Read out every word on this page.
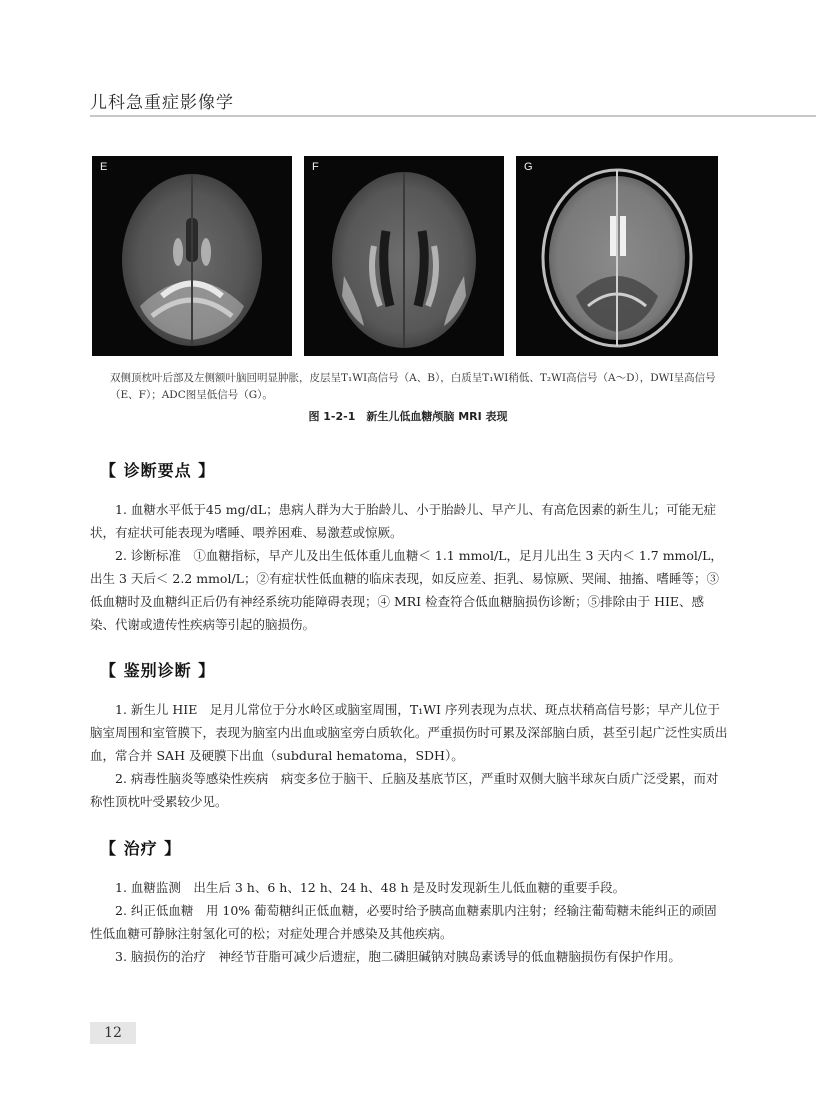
儿科急重症影像学
E	F	G
双侧顶枕叶后部及左侧额叶脑回明显肿胀，皮层呈T₁WI高信号（A、B），白质呈T₁WI稍低、T₂WI高信号（A～D），DWI呈高信号（E、F）；ADC图呈低信号（G）。
图 1-2-1　新生儿低血糖颅脑 MRI 表现
【 诊断要点 】

1. 血糖水平低于45 mg/dL；患病人群为大于胎龄儿、小于胎龄儿、早产儿、有高危因素的新生儿；可能无症状，有症状可能表现为嗜睡、喂养困难、易激惹或惊厥。

2. 诊断标准　①血糖指标，早产儿及出生低体重儿血糖＜ 1.1 mmol/L，足月儿出生 3 天内＜ 1.7 mmol/L，出生 3 天后＜ 2.2 mmol/L；②有症状性低血糖的临床表现，如反应差、拒乳、易惊厥、哭闹、抽搐、嗜睡等；③低血糖时及血糖纠正后仍有神经系统功能障碍表现；④ MRI 检查符合低血糖脑损伤诊断；⑤排除由于 HIE、感染、代谢或遗传性疾病等引起的脑损伤。

【 鉴别诊断 】

1. 新生儿 HIE　足月儿常位于分水岭区或脑室周围，T₁WI 序列表现为点状、斑点状稍高信号影；早产儿位于脑室周围和室管膜下，表现为脑室内出血或脑室旁白质软化。严重损伤时可累及深部脑白质，甚至引起广泛性实质出血，常合并 SAH 及硬膜下出血（subdural hematoma，SDH）。

2. 病毒性脑炎等感染性疾病　病变多位于脑干、丘脑及基底节区，严重时双侧大脑半球灰白质广泛受累，而对称性顶枕叶受累较少见。

【 治疗 】

1. 血糖监测　出生后 3 h、6 h、12 h、24 h、48 h 是及时发现新生儿低血糖的重要手段。

2. 纠正低血糖　用 10% 葡萄糖纠正低血糖，必要时给予胰高血糖素肌内注射；经输注葡萄糖未能纠正的顽固性低血糖可静脉注射氢化可的松；对症处理合并感染及其他疾病。

3. 脑损伤的治疗　神经节苷脂可减少后遗症，胞二磷胆碱钠对胰岛素诱导的低血糖脑损伤有保护作用。

12
